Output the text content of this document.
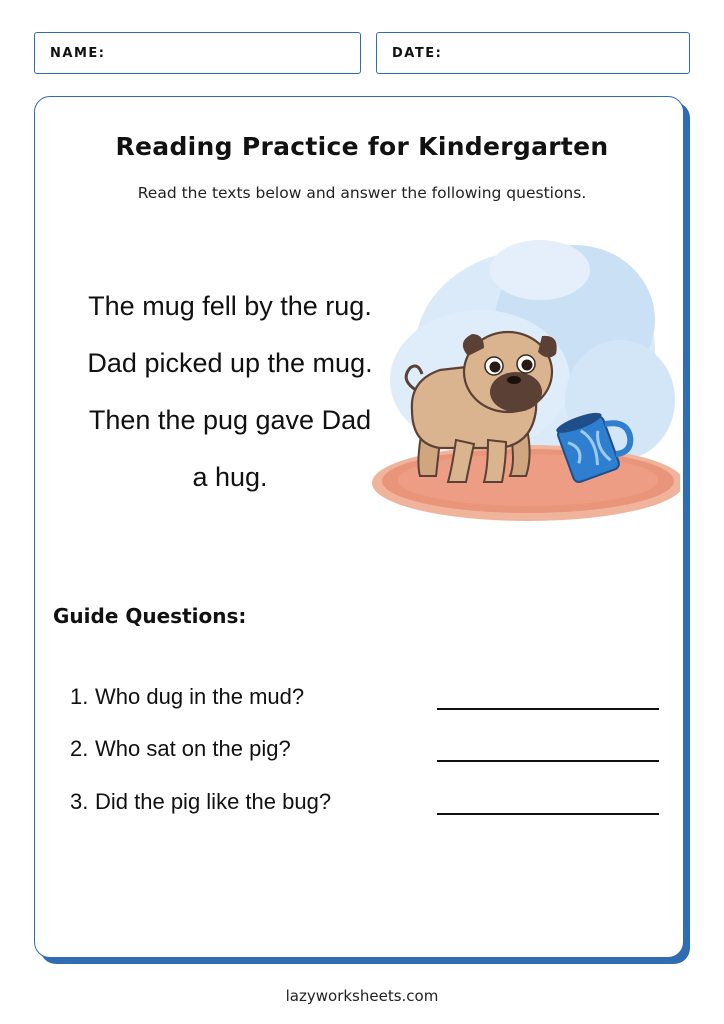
NAME:	DATE:
Reading Practice for Kindergarten
Read the texts below and answer the following questions.
The mug fell by the rug.
Dad picked up the mug.
Then the pug gave Dad
a hug.
Guide Questions:
1. Who dug in the mud?
2. Who sat on the pig?
3. Did the pig like the bug?
lazyworksheets.com
